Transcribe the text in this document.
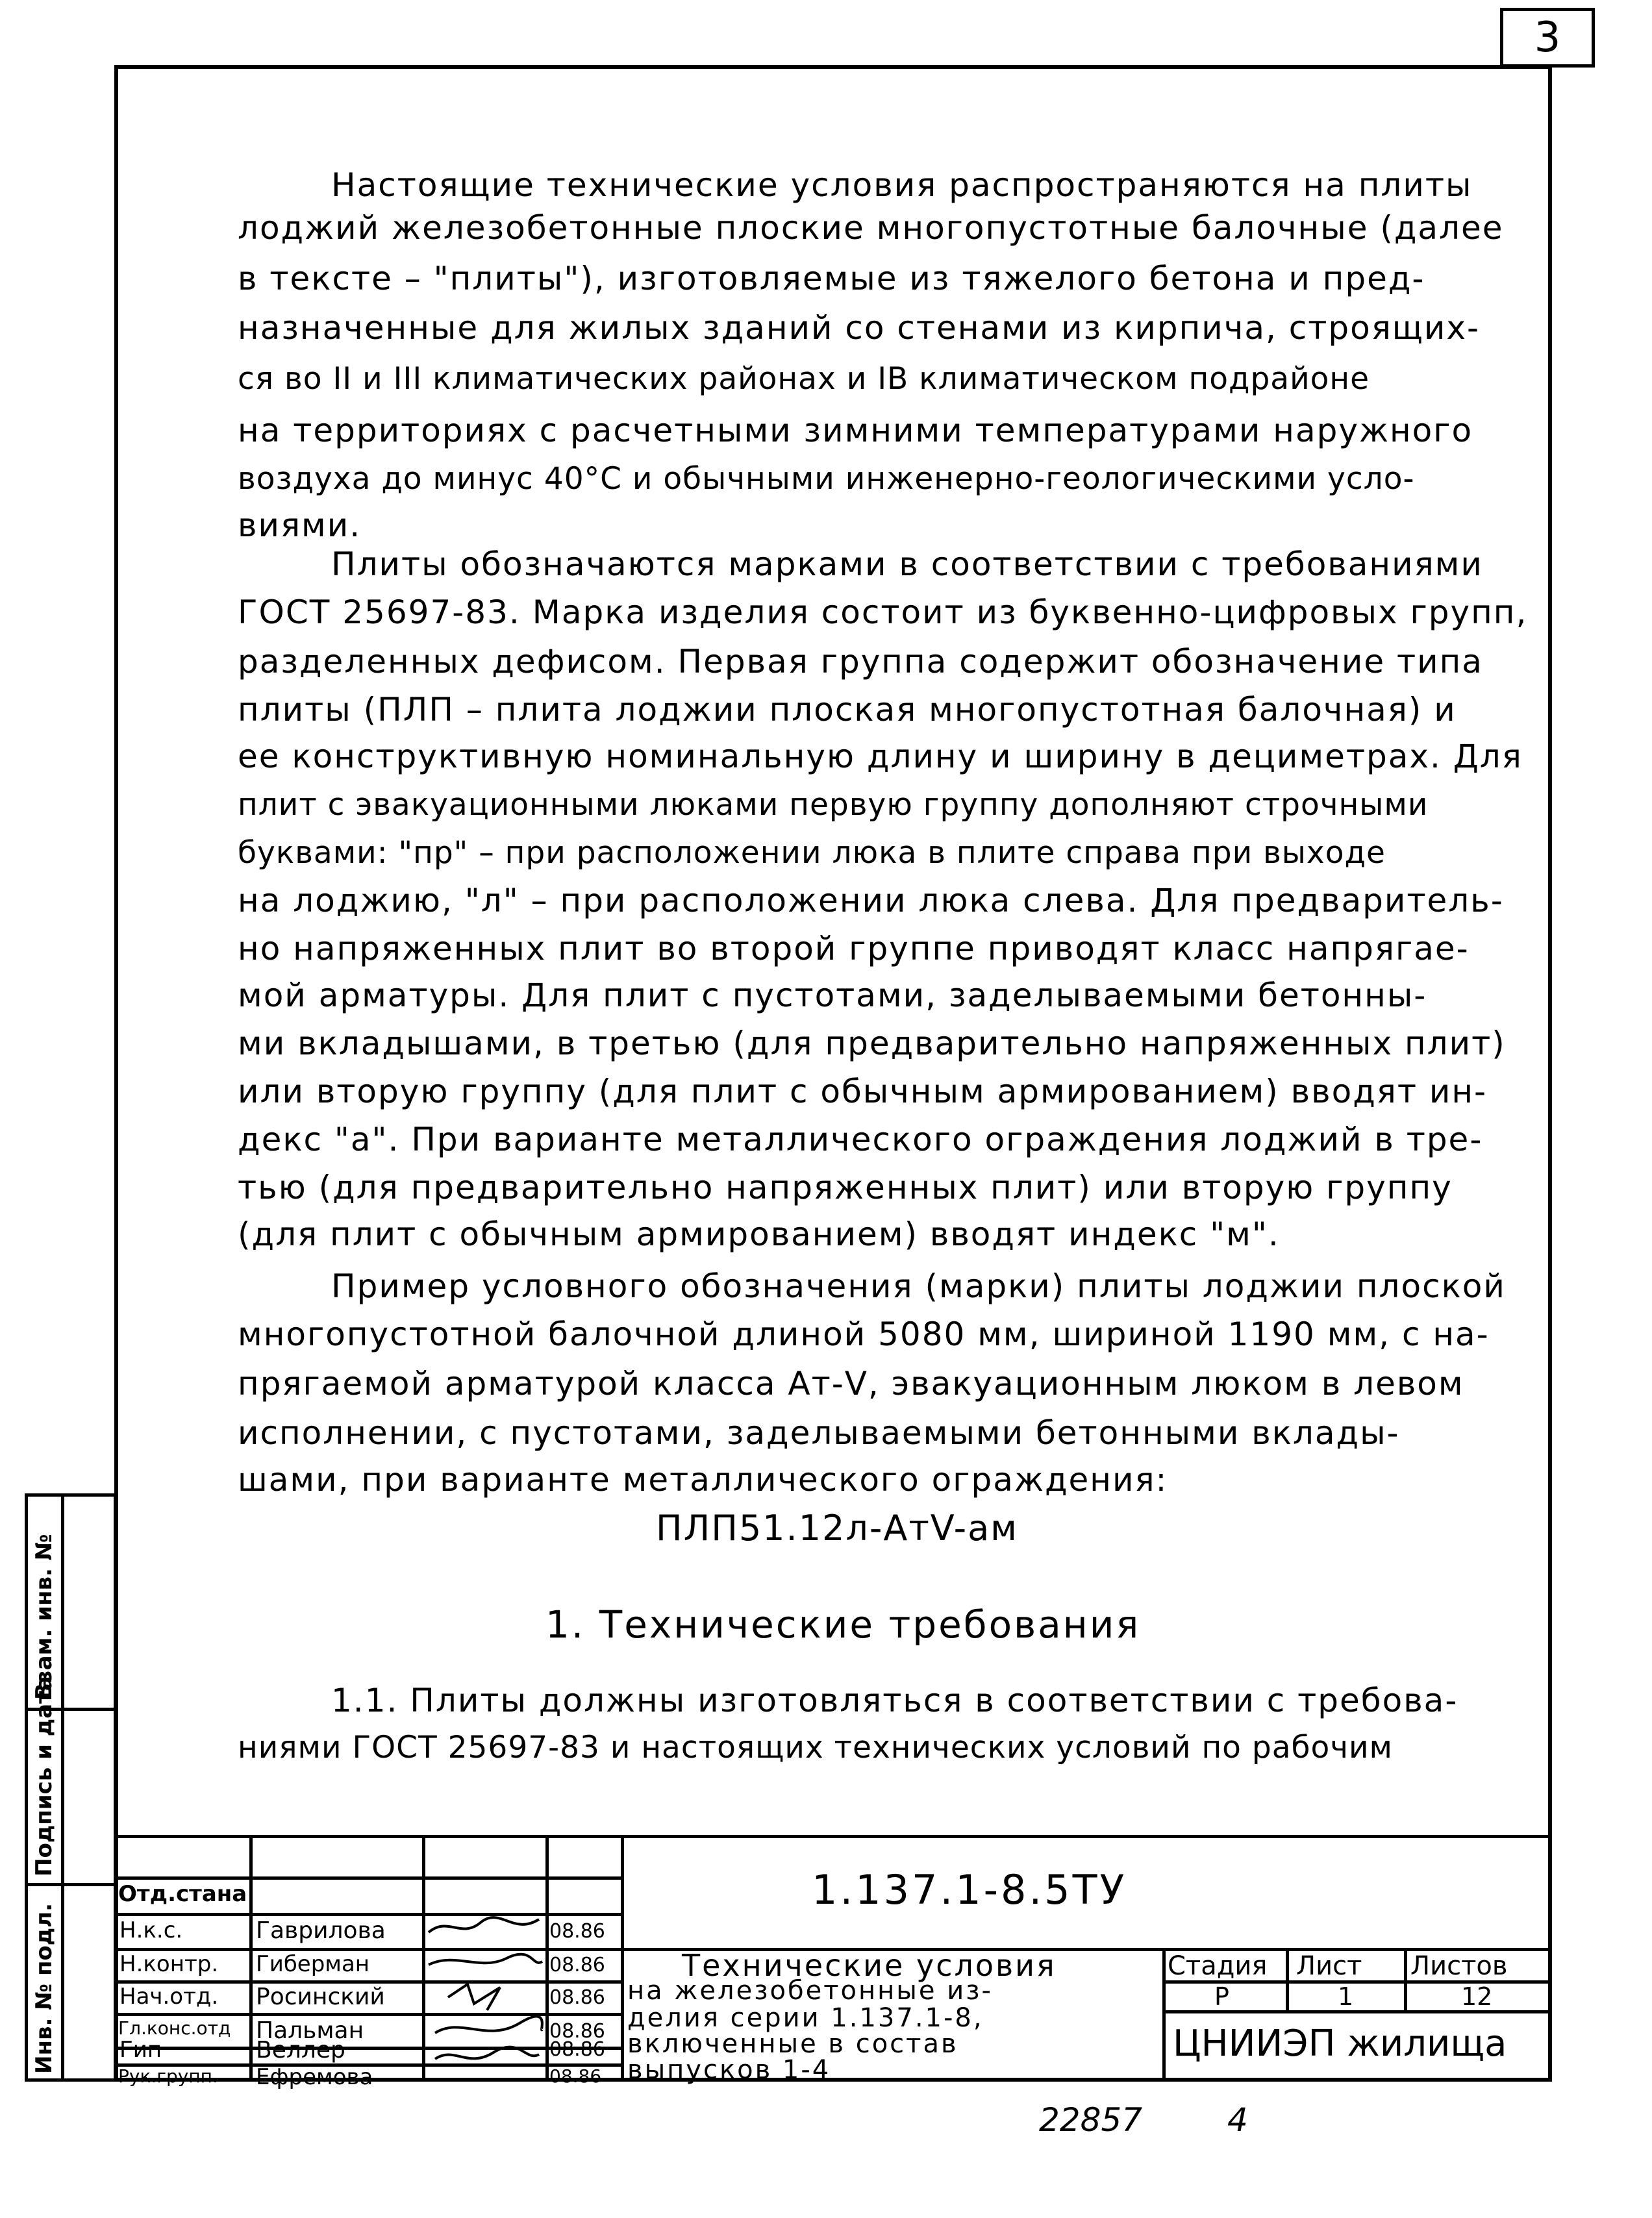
3
Взам. инв. №
Подпись и дата
Инв. № подл.
Настоящие технические условия распространяются на плиты
лоджий железобетонные плоские многопустотные балочные (далее
в тексте – "плиты"), изготовляемые из тяжелого бетона и пред-
назначенные для жилых зданий со стенами из кирпича, строящих-
ся во II и III климатических районах и IВ климатическом подрайоне
на территориях с расчетными зимними температурами наружного
воздуха до минус 40°С и обычными инженерно-геологическими усло-
виями.
Плиты обозначаются марками в соответствии с требованиями
ГОСТ 25697-83. Марка изделия состоит из буквенно-цифровых групп,
разделенных дефисом. Первая группа содержит обозначение типа
плиты (ПЛП – плита лоджии плоская многопустотная балочная) и
ее конструктивную номинальную длину и ширину в дециметрах. Для
плит с эвакуационными люками первую группу дополняют строчными
буквами: "пр" – при расположении люка в плите справа при выходе
на лоджию, "л" – при расположении люка слева. Для предваритель-
но напряженных плит во второй группе приводят класс напрягае-
мой арматуры. Для плит с пустотами, заделываемыми бетонны-
ми вкладышами, в третью (для предварительно напряженных плит)
или вторую группу (для плит с обычным армированием) вводят ин-
декс "а". При варианте металлического ограждения лоджий в тре-
тью (для предварительно напряженных плит) или вторую группу
(для плит с обычным армированием) вводят индекс "м".
Пример условного обозначения (марки) плиты лоджии плоской
многопустотной балочной длиной 5080 мм, шириной 1190 мм, с на-
прягаемой арматурой класса Ат-V, эвакуационным люком в левом
исполнении, с пустотами, заделываемыми бетонными вклады-
шами, при варианте металлического ограждения:
ПЛП51.12л-АтV-ам
1. Технические требования
1.1. Плиты должны изготовляться в соответствии с требова-
ниями ГОСТ 25697-83 и настоящих технических условий по рабочим
1.137.1-8.5ТУ
Отд.стана
Н.к.с.	Гаврилова	08.86
Н.контр. Гиберман	08.86
Нач.отд. Росинский	08.86
Гл.конс.отд Пальман	08.86
Гип	Веллер	08.86
Рук.групп. Ефремова	08.86
Технические условия
на железобетонные из-
делия серии 1.137.1-8,
включенные в состав
выпусков 1-4
Стадия Лист Листов
Р	1	12
ЦНИИЭП жилища
22857	4
